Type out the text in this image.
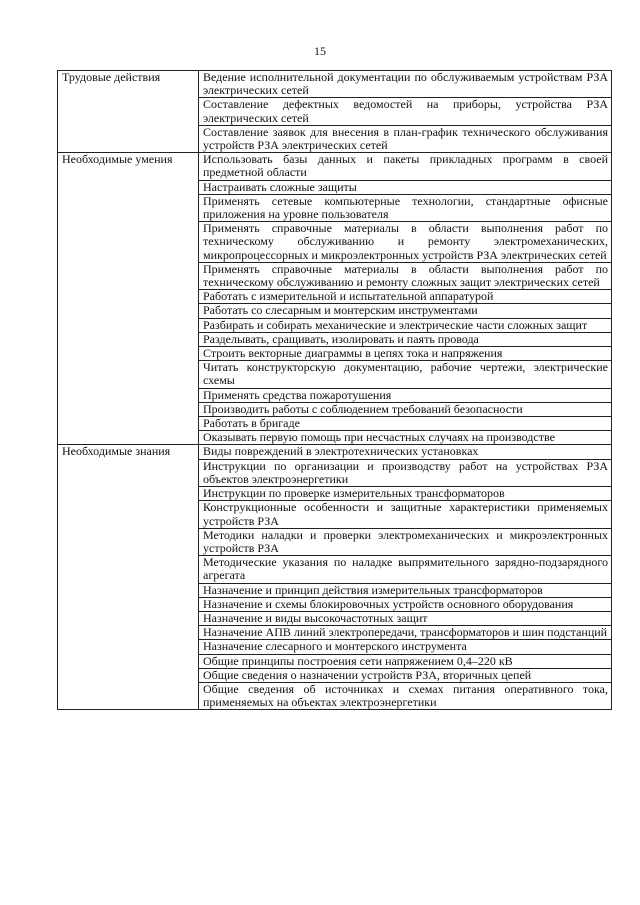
15
Трудовые действия	Ведение исполнительной документации по обслуживаемым устройствам РЗА электрических сетей
	Составление дефектных ведомостей на приборы, устройства РЗА электрических сетей
	Составление заявок для внесения в план-график технического обслуживания устройств РЗА электрических сетей
Необходимые умения	Использовать базы данных и пакеты прикладных программ в своей предметной области
	Настраивать сложные защиты
	Применять сетевые компьютерные технологии, стандартные офисные приложения на уровне пользователя
	Применять справочные материалы в области выполнения работ по техническому обслуживанию и ремонту электромеханических, микропроцессорных и микроэлектронных устройств РЗА электрических сетей
	Применять справочные материалы в области выполнения работ по техническому обслуживанию и ремонту сложных защит электрических сетей
	Работать с измерительной и испытательной аппаратурой
	Работать со слесарным и монтерским инструментами
	Разбирать и собирать механические и электрические части сложных защит
	Разделывать, сращивать, изолировать и паять провода
	Строить векторные диаграммы в цепях тока и напряжения
	Читать конструкторскую документацию, рабочие чертежи, электрические схемы
	Применять средства пожаротушения
	Производить работы с соблюдением требований безопасности
	Работать в бригаде
	Оказывать первую помощь при несчастных случаях на производстве
Необходимые знания	Виды повреждений в электротехнических установках
	Инструкции по организации и производству работ на устройствах РЗА объектов электроэнергетики
	Инструкции по проверке измерительных трансформаторов
	Конструкционные особенности и защитные характеристики применяемых устройств РЗА
	Методики наладки и проверки электромеханических и микроэлектронных устройств РЗА
	Методические указания по наладке выпрямительного зарядно-подзарядного агрегата
	Назначение и принцип действия измерительных трансформаторов
	Назначение и схемы блокировочных устройств основного оборудования
	Назначение и виды высокочастотных защит
	Назначение АПВ линий электропередачи, трансформаторов и шин подстанций
	Назначение слесарного и монтерского инструмента
	Общие принципы построения сети напряжением 0,4–220 кВ
	Общие сведения о назначении устройств РЗА, вторичных цепей
	Общие сведения об источниках и схемах питания оперативного тока, применяемых на объектах электроэнергетики
